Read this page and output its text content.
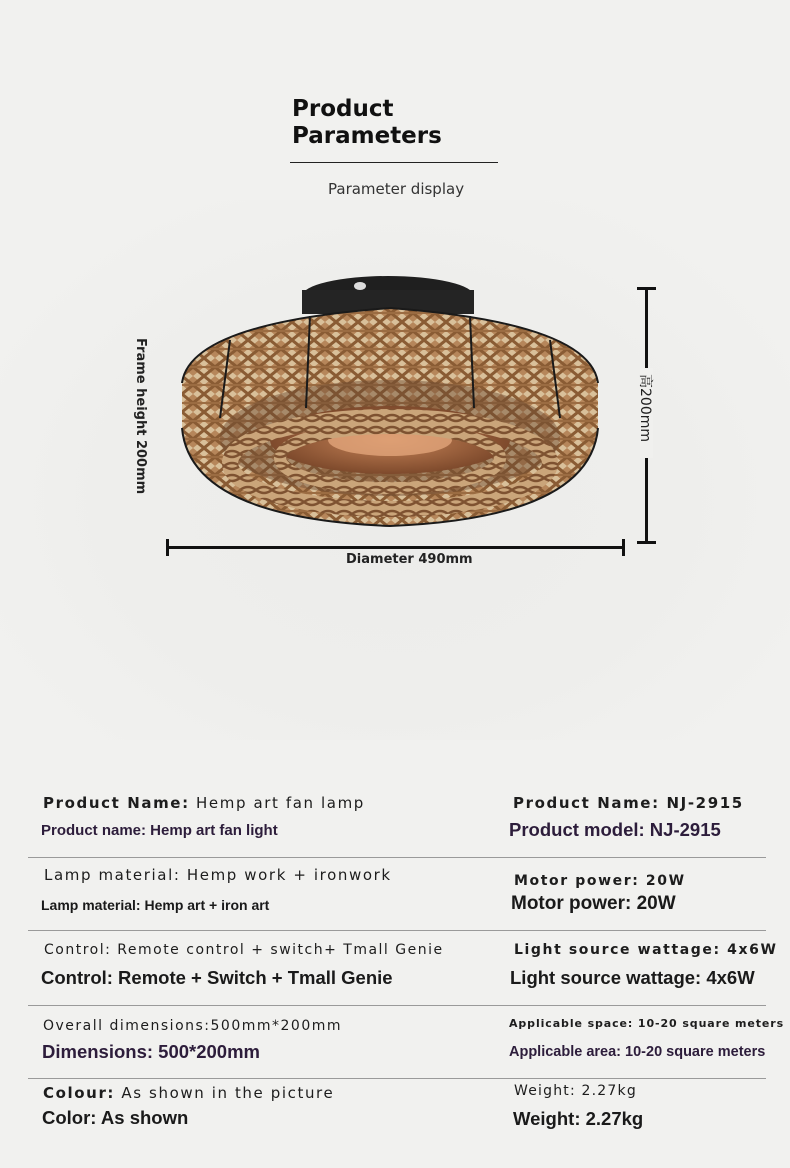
Product
Parameters
Parameter display
Frame height 200mm	高200mm
Diameter 490mm
Product Name: Hemp art fan lamp
Product name: Hemp art fan light
Product Name: NJ-2915
Product model: NJ-2915
Lamp material: Hemp work + ironwork
Lamp material: Hemp art + iron art
Motor power: 20W
Motor power: 20W
Control: Remote control + switch+ Tmall Genie
Control: Remote + Switch + Tmall Genie
Light source wattage: 4x6W
Light source wattage: 4x6W
Overall dimensions:500mm*200mm
Dimensions: 500*200mm
Applicable space: 10-20 square meters
Applicable area: 10-20 square meters
Colour: As shown in the picture
Color: As shown
Weight: 2.27kg
Weight: 2.27kg
